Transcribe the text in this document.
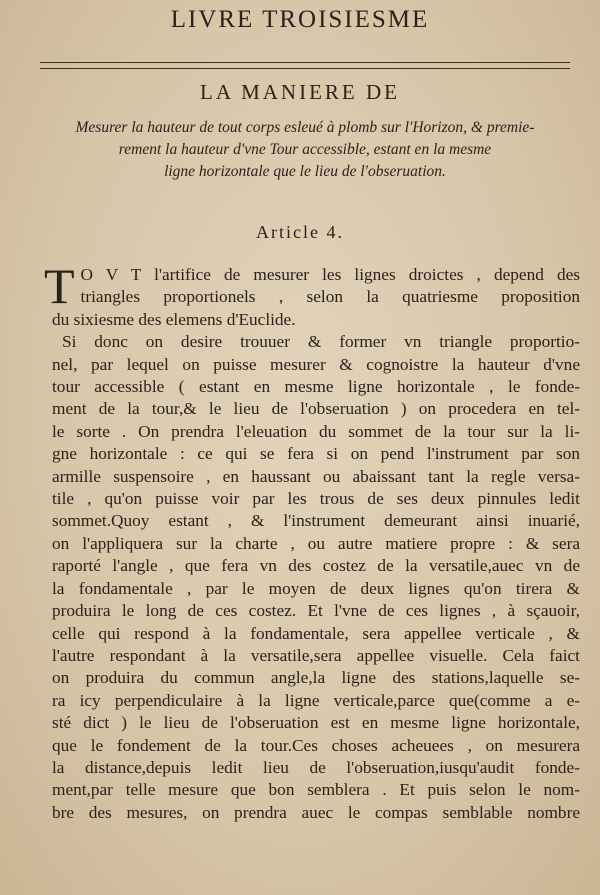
LIVRE TROISIESME
LA MANIERE DE
Mesurer la hauteur de tout corps esleué à plomb sur l'Horizon, & premie-
rement la hauteur d'vne Tour accessible, estant en la mesme
ligne horizontale que le lieu de l'obseruation.
Article 4.
T O V T l'artifice de mesurer les lignes droictes , depend des
triangles proportionels , selon la quatriesme proposition
du sixiesme des elemens d'Euclide.
Si donc on desire trouuer & former vn triangle proportio-
nel, par lequel on puisse mesurer & cognoistre la hauteur d'vne
tour accessible ( estant en mesme ligne horizontale , le fonde-
ment de la tour,& le lieu de l'obseruation ) on procedera en tel-
le sorte . On prendra l'eleuation du sommet de la tour sur la li-
gne horizontale : ce qui se fera si on pend l'instrument par son
armille suspensoire , en haussant ou abaissant tant la regle versa-
tile , qu'on puisse voir par les trous de ses deux pinnules ledit
sommet.Quoy estant , & l'instrument demeurant ainsi inuarié,
on l'appliquera sur la charte , ou autre matiere propre : & sera
raporté l'angle , que fera vn des costez de la versatile,auec vn de
la fondamentale , par le moyen de deux lignes qu'on tirera &
produira le long de ces costez. Et l'vne de ces lignes , à sçauoir,
celle qui respond à la fondamentale, sera appellee verticale , &
l'autre respondant à la versatile,sera appellee visuelle. Cela faict
on produira du commun angle,la ligne des stations,laquelle se-
ra icy perpendiculaire à la ligne verticale,parce que(comme a e-
sté dict ) le lieu de l'obseruation est en mesme ligne horizontale,
que le fondement de la tour.Ces choses acheuees , on mesurera
la distance,depuis ledit lieu de l'obseruation,iusqu'audit fonde-
ment,par telle mesure que bon semblera . Et puis selon le nom-
bre des mesures, on prendra auec le compas semblable nombre
